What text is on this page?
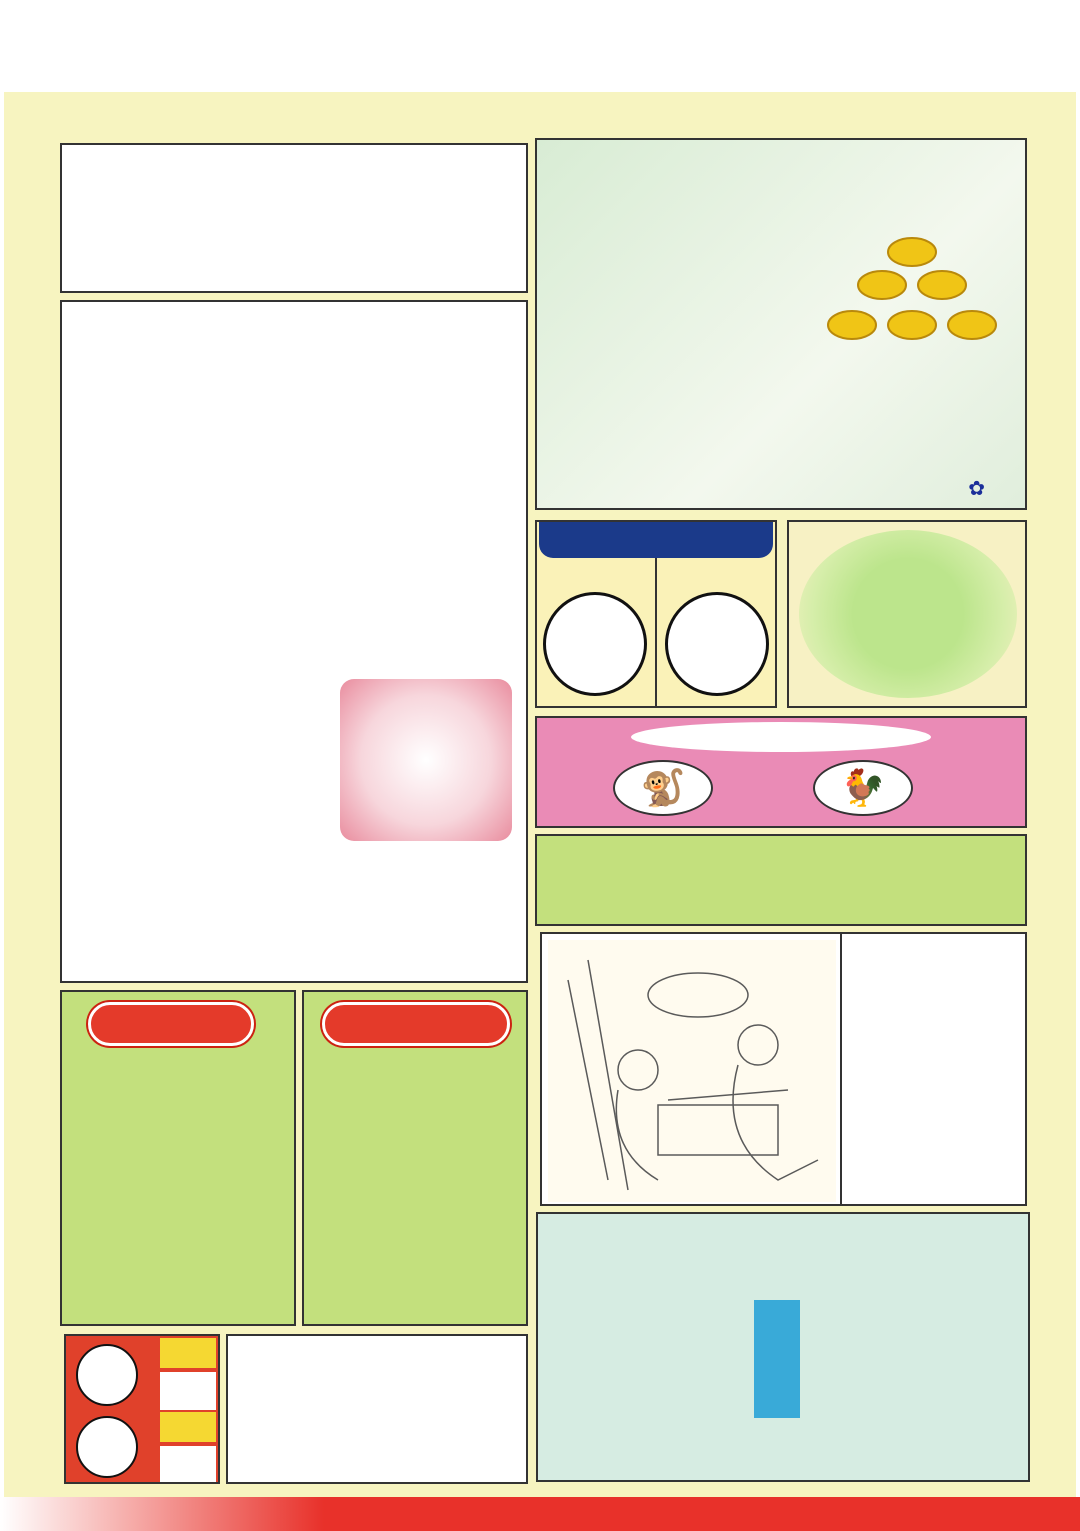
✿
🐒	🐓
